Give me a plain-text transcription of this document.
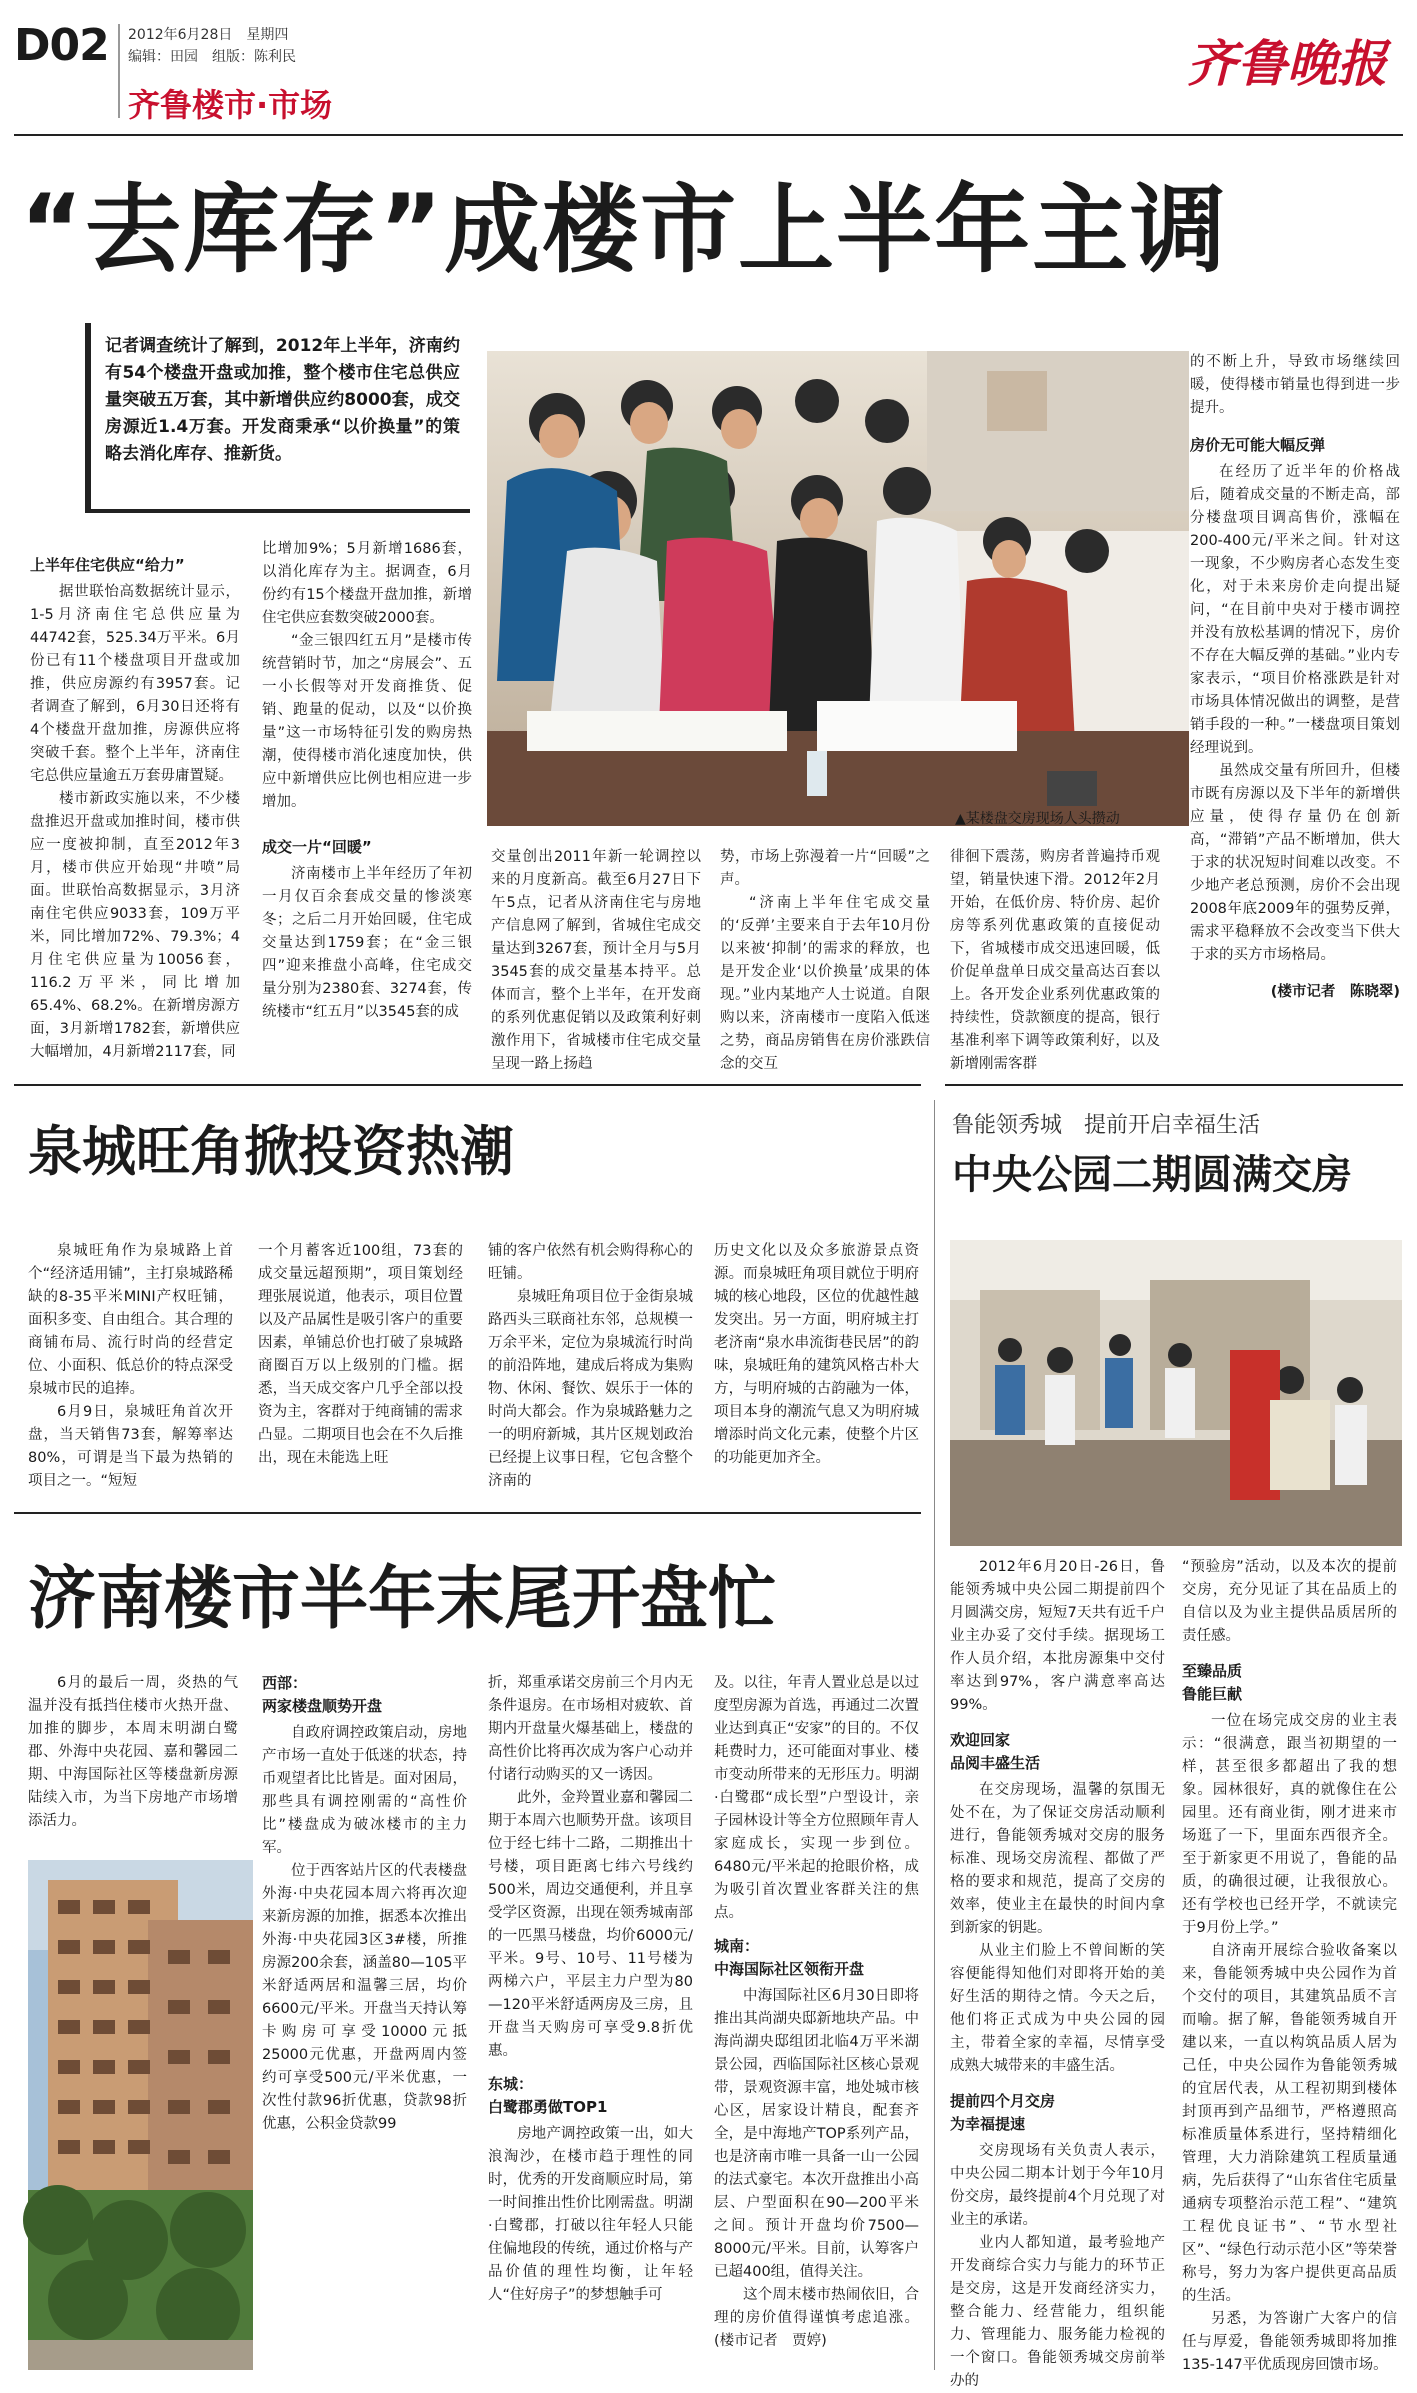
D02 2012年6月28日　星期四
编辑：田园　组版：陈利民
齐鲁楼市·市场
齐鲁晚报
“去库存”成楼市上半年主调
记者调查统计了解到，2012年上半年，济南约有54个楼盘开盘或加推，整个楼市住宅总供应量突破五万套，其中新增供应约8000套，成交房源近1.4万套。开发商秉承“以价换量”的策略去消化库存、推新货。
▲某楼盘交房现场人头攒动
上半年住宅供应“给力”

据世联怡高数据统计显示，1-5月济南住宅总供应量为44742套，525.34万平米。6月份已有11个楼盘项目开盘或加推，供应房源约有3957套。记者调查了解到，6月30日还将有4个楼盘开盘加推，房源供应将突破千套。整个上半年，济南住宅总供应量逾五万套毋庸置疑。

楼市新政实施以来，不少楼盘推迟开盘或加推时间，楼市供应一度被抑制，直至2012年3月，楼市供应开始现“井喷”局面。世联怡高数据显示，3月济南住宅供应9033套，109万平米，同比增加72%、79.3%；4月住宅供应量为10056套，116.2万平米，同比增加65.4%、68.2%。在新增房源方面，3月新增1782套，新增供应大幅增加，4月新增2117套，同

比增加9%；5月新增1686套，以消化库存为主。据调查，6月份约有15个楼盘开盘加推，新增住宅供应套数突破2000套。

“金三银四红五月”是楼市传统营销时节，加之“房展会”、五一小长假等对开发商推货、促销、跑量的促动，以及“以价换量”这一市场特征引发的购房热潮，使得楼市消化速度加快，供应中新增供应比例也相应进一步增加。

成交一片“回暖”

济南楼市上半年经历了年初一月仅百余套成交量的惨淡寒冬；之后二月开始回暖，住宅成交量达到1759套；在“金三银四”迎来推盘小高峰，住宅成交量分别为2380套、3274套，传统楼市“红五月”以3545套的成

交量创出2011年新一轮调控以来的月度新高。截至6月27日下午5点，记者从济南住宅与房地产信息网了解到，省城住宅成交量达到3267套，预计全月与5月3545套的成交量基本持平。总体而言，整个上半年，在开发商的系列优惠促销以及政策利好刺激作用下，省城楼市住宅成交量呈现一路上扬趋

势，市场上弥漫着一片“回暖”之声。

“济南上半年住宅成交量的‘反弹’主要来自于去年10月份以来被‘抑制’的需求的释放，也是开发企业‘以价换量’成果的体现。”业内某地产人士说道。自限购以来，济南楼市一度陷入低迷之势，商品房销售在房价涨跌信念的交互

徘徊下震荡，购房者普遍持币观望，销量快速下滑。2012年2月开始，在低价房、特价房、起价房等系列优惠政策的直接促动下，省城楼市成交迅速回暖，低价促单盘单日成交量高达百套以上。各开发企业系列优惠政策的持续性，贷款额度的提高，银行基准利率下调等政策利好，以及新增刚需客群

的不断上升，导致市场继续回暖，使得楼市销量也得到进一步提升。

房价无可能大幅反弹

在经历了近半年的价格战后，随着成交量的不断走高，部分楼盘项目调高售价，涨幅在200-400元/平米之间。针对这一现象，不少购房者心态发生变化，对于未来房价走向提出疑问，“在目前中央对于楼市调控并没有放松基调的情况下，房价不存在大幅反弹的基础。”业内专家表示，“项目价格涨跌是针对市场具体情况做出的调整，是营销手段的一种。”一楼盘项目策划经理说到。

虽然成交量有所回升，但楼市既有房源以及下半年的新增供应量，使得存量仍在创新高，“滞销”产品不断增加，供大于求的状况短时间难以改变。不少地产老总预测，房价不会出现2008年底2009年的强势反弹，需求平稳释放不会改变当下供大于求的买方市场格局。

(楼市记者　陈晓翠)
泉城旺角掀投资热潮

泉城旺角作为泉城路上首个“经济适用铺”，主打泉城路稀缺的8-35平米MINI产权旺铺，面积多变、自由组合。其合理的商铺布局、流行时尚的经营定位、小面积、低总价的特点深受泉城市民的追捧。

6月9日，泉城旺角首次开盘，当天销售73套，解筹率达80%，可谓是当下最为热销的项目之一。“短短

一个月蓄客近100组，73套的成交量远超预期”，项目策划经理张展说道，他表示，项目位置以及产品属性是吸引客户的重要因素，单铺总价也打破了泉城路商圈百万以上级别的门槛。据悉，当天成交客户几乎全部以投资为主，客群对于纯商铺的需求凸显。二期项目也会在不久后推出，现在未能选上旺

铺的客户依然有机会购得称心的旺铺。

泉城旺角项目位于金街泉城路西头三联商社东邻，总规模一万余平米，定位为泉城流行时尚的前沿阵地，建成后将成为集购物、休闲、餐饮、娱乐于一体的时尚大都会。作为泉城路魅力之一的明府新城，其片区规划政治已经提上议事日程，它包含整个济南的

历史文化以及众多旅游景点资源。而泉城旺角项目就位于明府城的核心地段，区位的优越性越发突出。另一方面，明府城主打老济南“泉水串流街巷民居”的韵味，泉城旺角的建筑风格古朴大方，与明府城的古韵融为一体，项目本身的潮流气息又为明府城增添时尚文化元素，使整个片区的功能更加齐全。

鲁能领秀城　提前开启幸福生活
中央公园二期圆满交房

2012年6月20日-26日，鲁能领秀城中央公园二期提前四个月圆满交房，短短7天共有近千户业主办妥了交付手续。据现场工作人员介绍，本批房源集中交付率达到97%，客户满意率高达99%。

欢迎回家
品阅丰盛生活

在交房现场，温馨的氛围无处不在，为了保证交房活动顺利进行，鲁能领秀城对交房的服务标准、现场交房流程、都做了严格的要求和规范，提高了交房的效率，使业主在最快的时间内拿到新家的钥匙。

从业主们脸上不曾间断的笑容便能得知他们对即将开始的美好生活的期待之情。今天之后，他们将正式成为中央公园的园主，带着全家的幸福，尽情享受成熟大城带来的丰盛生活。

提前四个月交房
为幸福提速

交房现场有关负责人表示，中央公园二期本计划于今年10月份交房，最终提前4个月兑现了对业主的承诺。

业内人都知道，最考验地产开发商综合实力与能力的环节正是交房，这是开发商经济实力，整合能力、经营能力，组织能力、管理能力、服务能力检视的一个窗口。鲁能领秀城交房前举办的

“预验房”活动，以及本次的提前交房，充分见证了其在品质上的自信以及为业主提供品质居所的责任感。

至臻品质
鲁能巨献

一位在场完成交房的业主表示：“很满意，跟当初期望的一样，甚至很多都超出了我的想象。园林很好，真的就像住在公园里。还有商业街，刚才进来市场逛了一下，里面东西很齐全。至于新家更不用说了，鲁能的品质，的确很过硬，让我很放心。还有学校也已经开学，不就读完于9月份上学。”

自济南开展综合验收备案以来，鲁能领秀城中央公园作为首个交付的项目，其建筑品质不言而喻。据了解，鲁能领秀城自开建以来，一直以构筑品质人居为己任，中央公园作为鲁能领秀城的宜居代表，从工程初期到楼体封顶再到产品细节，严格遵照高标准质量体系进行，坚持精细化管理，大力消除建筑工程质量通病，先后获得了“山东省住宅质量通病专项整治示范工程”、“建筑工程优良证书”、“节水型社区”、“绿色行动示范小区”等荣誉称号，努力为客户提供更高品质的生活。

另悉，为答谢广大客户的信任与厚爱，鲁能领秀城即将加推135-147平优质现房回馈市场。

济南楼市半年末尾开盘忙

6月的最后一周，炎热的气温并没有抵挡住楼市火热开盘、加推的脚步，本周末明湖白鹭郡、外海中央花园、嘉和馨园二期、中海国际社区等楼盘新房源陆续入市，为当下房地产市场增添活力。

西部：
两家楼盘顺势开盘

自政府调控政策启动，房地产市场一直处于低迷的状态，持币观望者比比皆是。面对困局，那些具有调控刚需的“高性价比”楼盘成为破冰楼市的主力军。

位于西客站片区的代表楼盘外海·中央花园本周六将再次迎来新房源的加推，据悉本次推出外海·中央花园3区3#楼，所推房源200余套，涵盖80—105平米舒适两居和温馨三居，均价6600元/平米。开盘当天持认筹卡购房可享受10000元抵25000元优惠，开盘两周内签约可享受500元/平米优惠，一次性付款96折优惠，贷款98折优惠，公积金贷款99

折，郑重承诺交房前三个月内无条件退房。在市场相对疲软、首期内开盘量火爆基础上，楼盘的高性价比将再次成为客户心动并付诸行动购买的又一诱因。

此外，金羚置业嘉和馨园二期于本周六也顺势开盘。该项目位于经七纬十二路，二期推出十号楼，项目距离七纬六号线约500米，周边交通便利，并且享受学区资源，出现在领秀城南部的一匹黑马楼盘，均价6000元/平米。9号、10号、11号楼为两梯六户，平层主力户型为80—120平米舒适两房及三房，且开盘当天购房可享受9.8折优惠。

东城：
白鹭郡勇做TOP1

房地产调控政策一出，如大浪淘沙，在楼市趋于理性的同时，优秀的开发商顺应时局，第一时间推出性价比刚需盘。明湖·白鹭郡，打破以往年轻人只能住偏地段的传统，通过价格与产品价值的理性均衡，让年轻人“住好房子”的梦想触手可

及。以往，年青人置业总是以过度型房源为首选，再通过二次置业达到真正“安家”的目的。不仅耗费时力，还可能面对事业、楼市变动所带来的无形压力。明湖·白鹭郡“成长型”户型设计，亲子园林设计等全方位照顾年青人家庭成长，实现一步到位。6480元/平米起的抢眼价格，成为吸引首次置业客群关注的焦点。

城南：
中海国际社区领衔开盘

中海国际社区6月30日即将推出其尚湖央邸新地块产品。中海尚湖央邸组团北临4万平米湖景公园，西临国际社区核心景观带，景观资源丰富，地处城市核心区，居家设计精良，配套齐全，是中海地产TOP系列产品，也是济南市唯一具备一山一公园的法式豪宅。本次开盘推出小高层、户型面积在90—200平米之间。预计开盘均价7500—8000元/平米。目前，认筹客户已超400组，值得关注。

这个周末楼市热闹依旧，合理的房价值得谨慎考虑追涨。(楼市记者　贾婷)
